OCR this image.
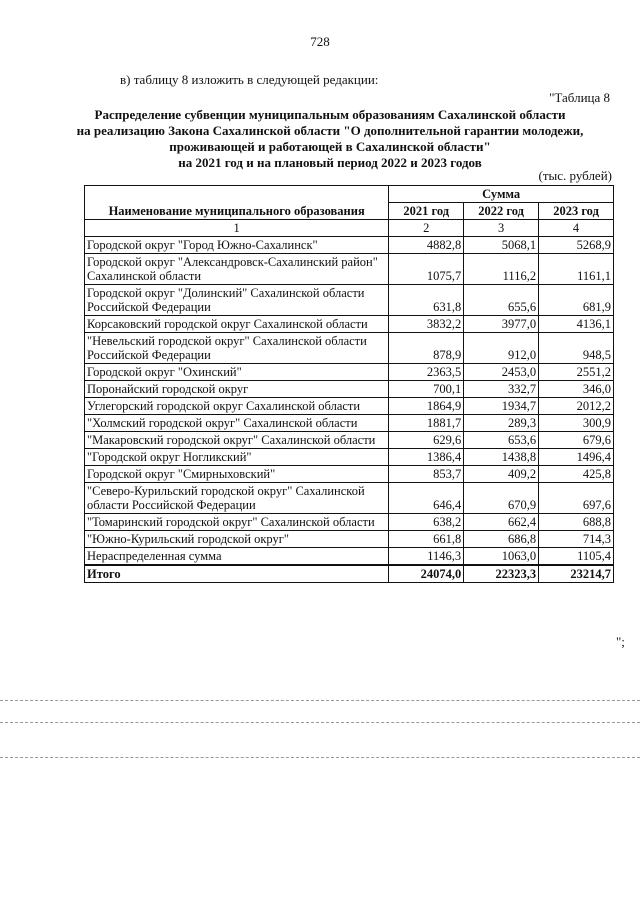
728
в) таблицу 8 изложить в следующей редакции:
"Таблица 8
Распределение субвенции муниципальным образованиям Сахалинской области
на реализацию Закона Сахалинской области "О дополнительной гарантии молодежи,
проживающей и работающей в Сахалинской области"
на 2021 год и на плановый период 2022 и 2023 годов
(тыс. рублей)
Наименование муниципального образования	Сумма		
	2021 год	2022 год	2023 год
1	2	3	4
Городской округ "Город Южно-Сахалинск"	4882,8	5068,1	5268,9
Городской округ "Александровск-Сахалинский район" Сахалинской области	1075,7	1116,2	1161,1
Городской округ "Долинский" Сахалинской области Российской Федерации	631,8	655,6	681,9
Корсаковский городской округ Сахалинской области	3832,2	3977,0	4136,1
"Невельский городской округ" Сахалинской области Российской Федерации	878,9	912,0	948,5
Городской округ "Охинский"	2363,5	2453,0	2551,2
Поронайский городской округ	700,1	332,7	346,0
Углегорский городской округ Сахалинской области	1864,9	1934,7	2012,2
"Холмский городской округ" Сахалинской области	1881,7	289,3	300,9
"Макаровский городской округ" Сахалинской области	629,6	653,6	679,6
"Городской округ Ногликский"	1386,4	1438,8	1496,4
Городской округ "Смирныховский"	853,7	409,2	425,8
"Северо-Курильский городской округ" Сахалинской области Российской Федерации	646,4	670,9	697,6
"Томаринский городской округ" Сахалинской области	638,2	662,4	688,8
"Южно-Курильский городской округ"	661,8	686,8	714,3
Нераспределенная сумма	1146,3	1063,0	1105,4
Итого	24074,0	22323,3	23214,7
";
